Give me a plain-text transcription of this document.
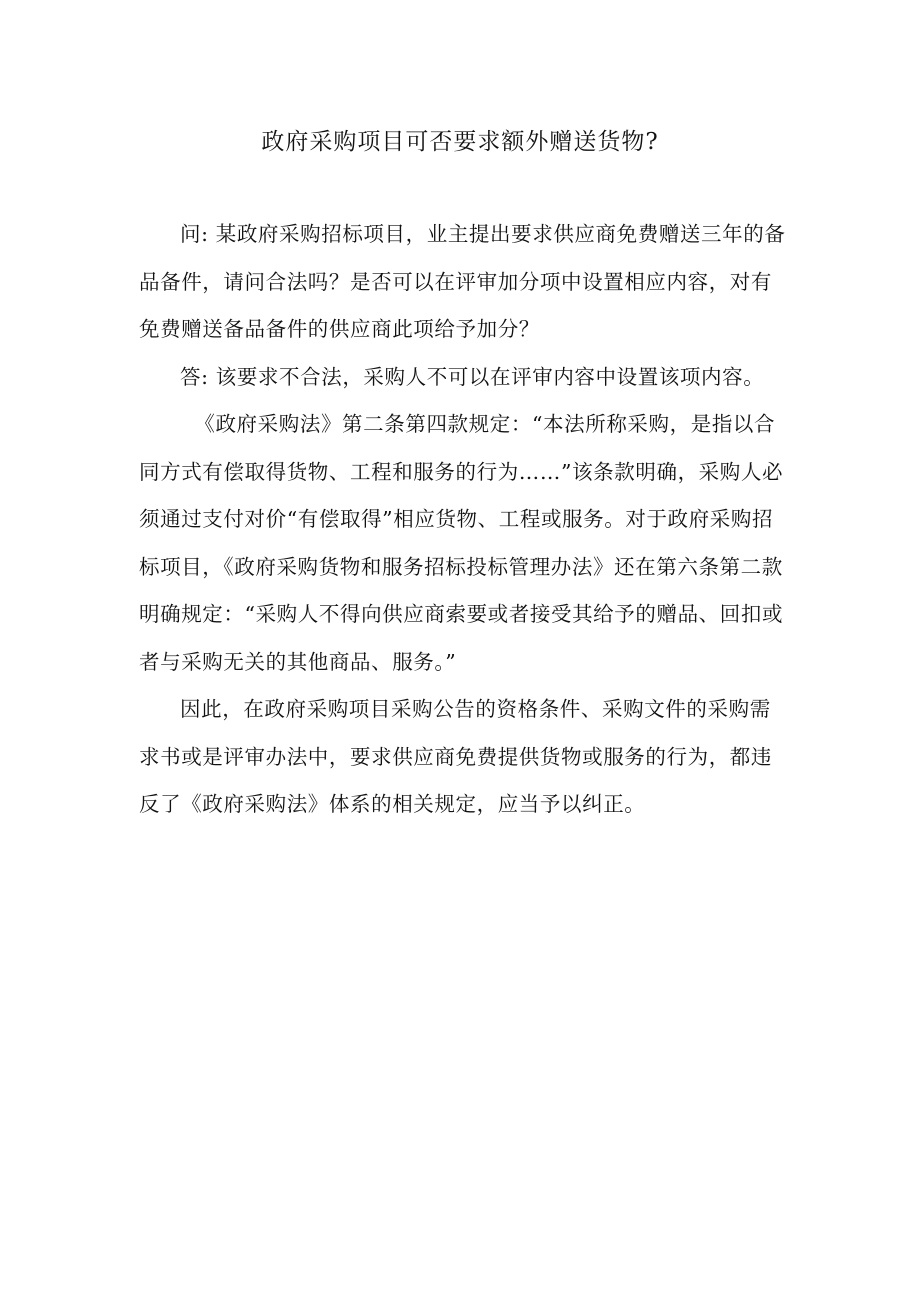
政府采购项目可否要求额外赠送货物?

问: 某政府采购招标项目，业主提出要求供应商免费赠送三年的备品备件，请问合法吗？是否可以在评审加分项中设置相应内容，对有免费赠送备品备件的供应商此项给予加分？

答: 该要求不合法，采购人不可以在评审内容中设置该项内容。

《政府采购法》第二条第四款规定：“本法所称采购，是指以合同方式有偿取得货物、工程和服务的行为……”该条款明确，采购人必须通过支付对价“有偿取得”相应货物、工程或服务。对于政府采购招标项目，《政府采购货物和服务招标投标管理办法》还在第六条第二款明确规定：“采购人不得向供应商索要或者接受其给予的赠品、回扣或者与采购无关的其他商品、服务。”

因此，在政府采购项目采购公告的资格条件、采购文件的采购需求书或是评审办法中，要求供应商免费提供货物或服务的行为，都违反了《政府采购法》体系的相关规定，应当予以纠正。
